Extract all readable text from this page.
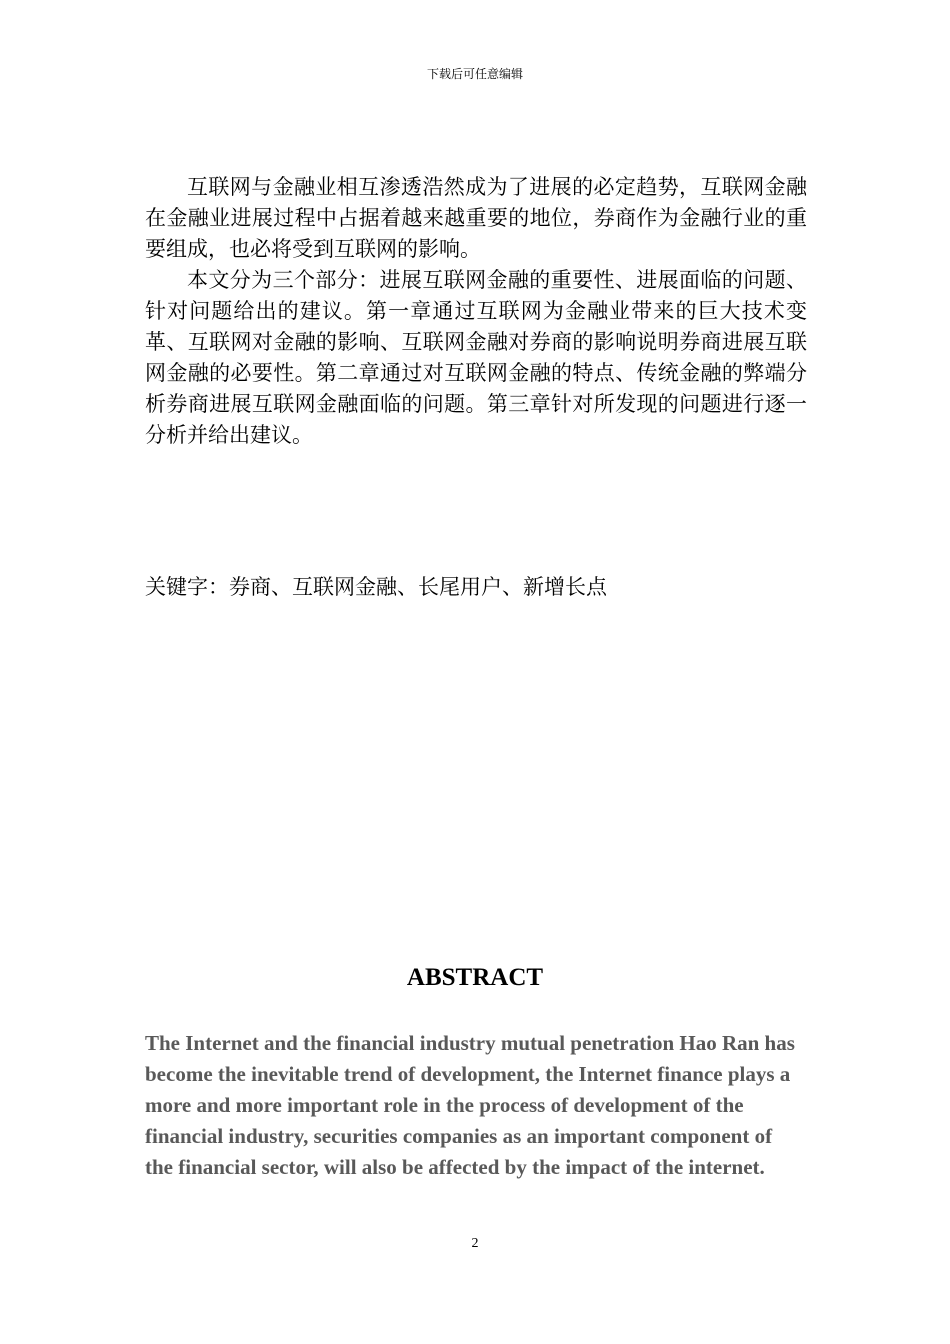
下载后可任意编辑

互联网与金融业相互渗透浩然成为了进展的必定趋势，互联网金融在金融业进展过程中占据着越来越重要的地位，券商作为金融行业的重要组成，也必将受到互联网的影响。

本文分为三个部分：进展互联网金融的重要性、进展面临的问题、针对问题给出的建议。第一章通过互联网为金融业带来的巨大技术变革、互联网对金融的影响、互联网金融对券商的影响说明券商进展互联网金融的必要性。第二章通过对互联网金融的特点、传统金融的弊端分析券商进展互联网金融面临的问题。第三章针对所发现的问题进行逐一分析并给出建议。

关键字：券商、互联网金融、长尾用户、新增长点
ABSTRACT

The Internet and the financial industry mutual penetration Hao Ran has become the inevitable trend of development, the Internet finance plays a more and more important role in the process of development of the financial industry, securities companies as an important component of the financial sector, will also be affected by the impact of the internet.

2
